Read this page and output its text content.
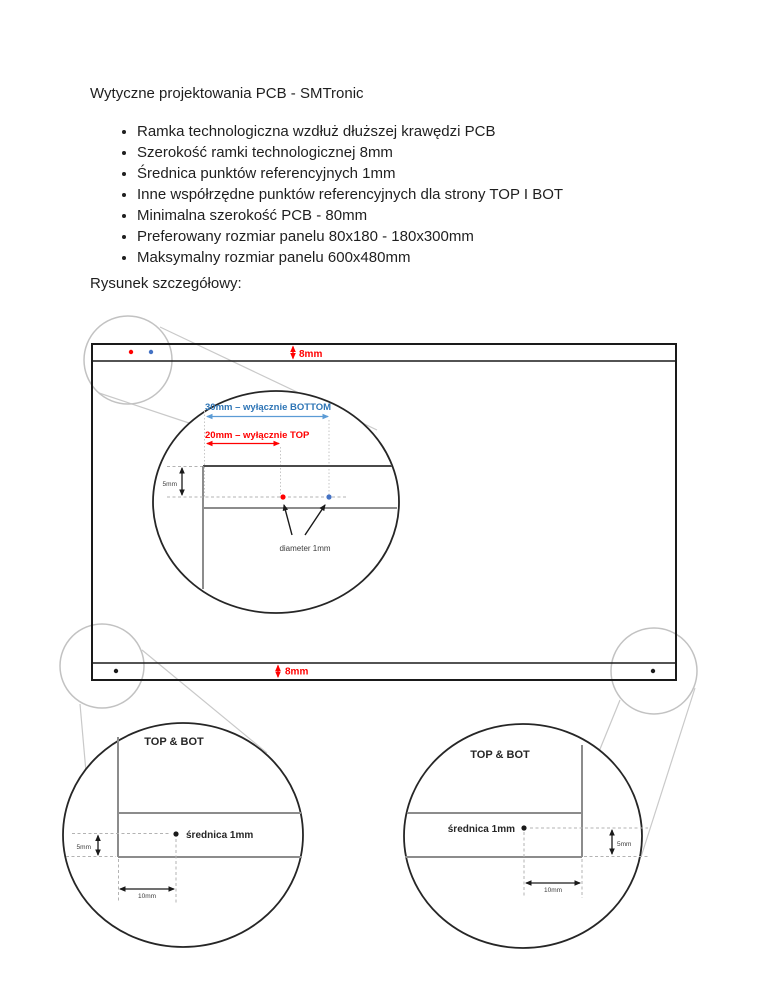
8mm
8mm
30mm – wyłącznie BOTTOM
20mm – wyłącznie TOP
5mm
diameter 1mm
TOP & BOT
średnica 1mm
5mm
10mm
TOP & BOT
średnica 1mm
5mm
10mm
Wytyczne projektowania PCB - SMTronic
• Ramka technologiczna wzdłuż dłuższej krawędzi PCB
• Szerokość ramki technologicznej 8mm
• Średnica punktów referencyjnych 1mm
• Inne współrzędne punktów referencyjnych dla strony TOP I BOT
• Minimalna szerokość PCB - 80mm
• Preferowany rozmiar panelu 80x180 - 180x300mm
• Maksymalny rozmiar panelu 600x480mm

Rysunek szczegółowy:
